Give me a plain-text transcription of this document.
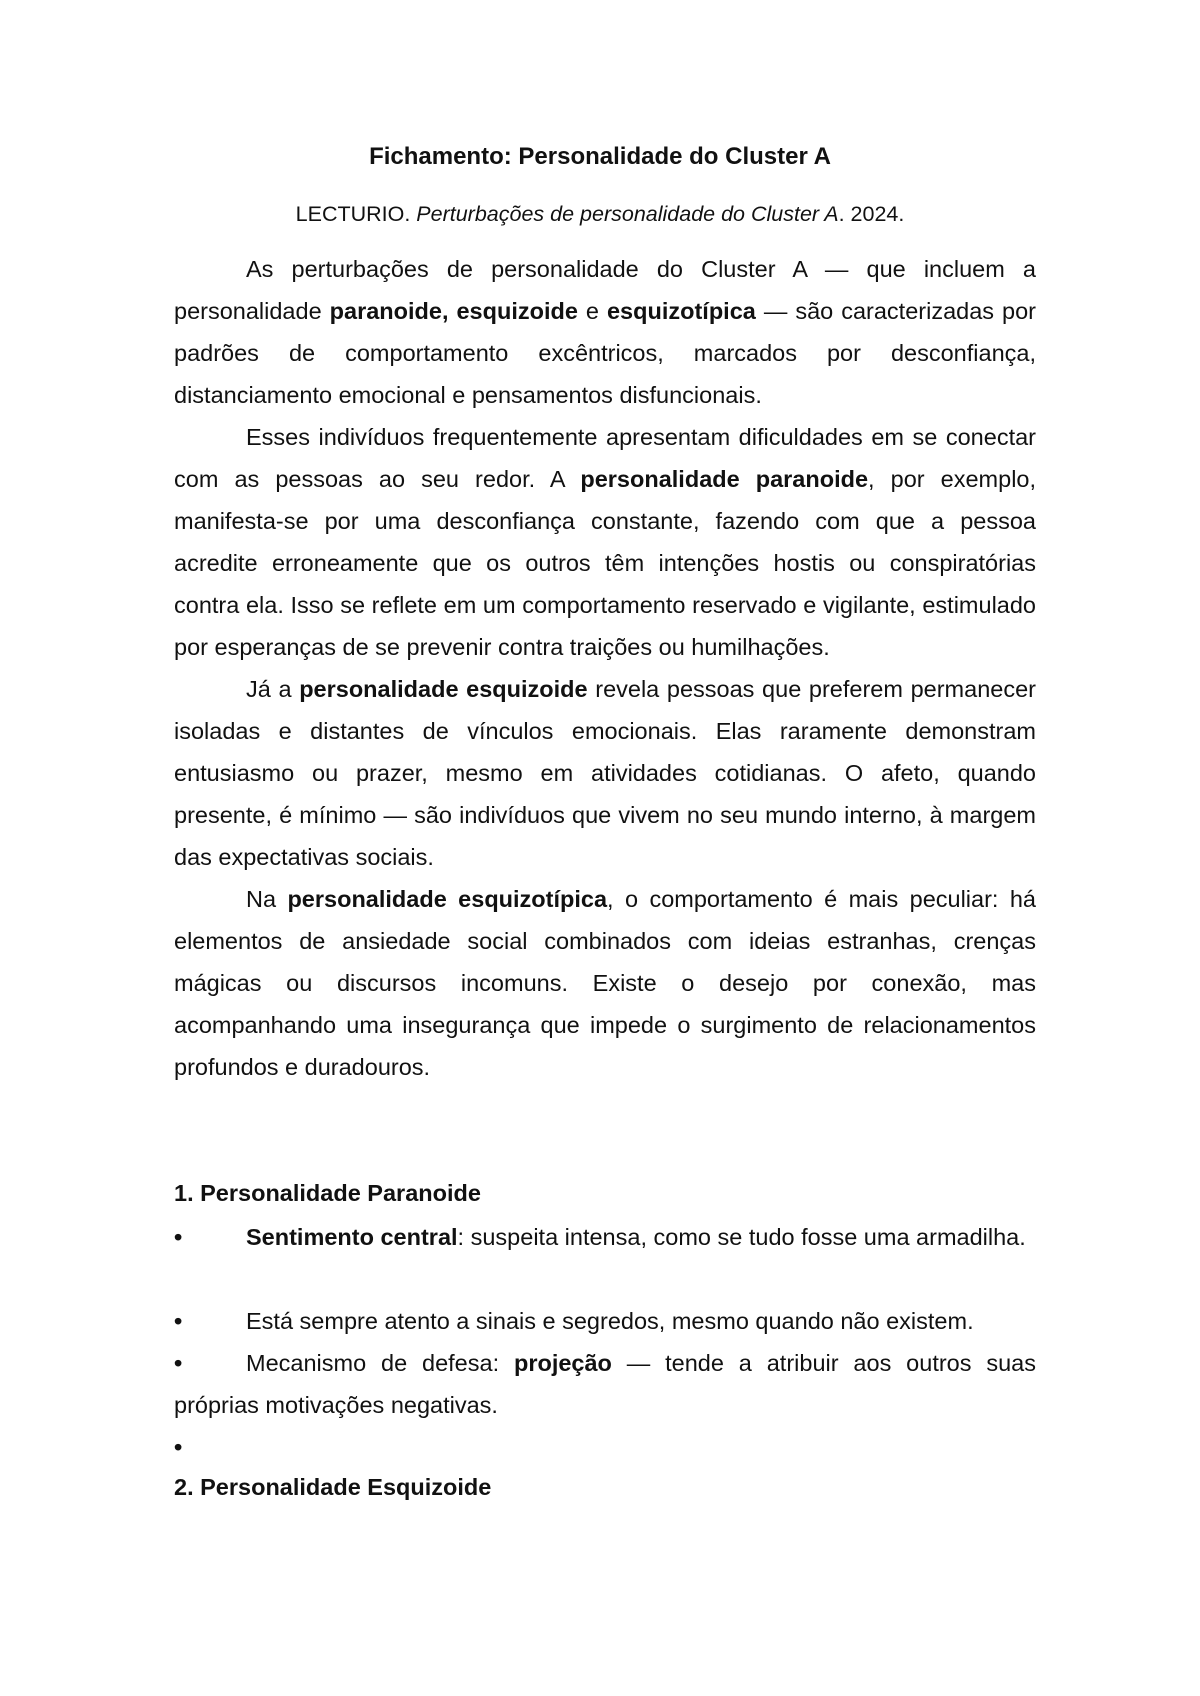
Fichamento: Personalidade do Cluster A
LECTURIO. Perturbações de personalidade do Cluster A. 2024.

As perturbações de personalidade do Cluster A — que incluem a personalidade paranoide, esquizoide e esquizotípica — são caracterizadas por padrões de comportamento excêntricos, marcados por desconfiança, distanciamento emocional e pensamentos disfuncionais.

Esses indivíduos frequentemente apresentam dificuldades em se conectar com as pessoas ao seu redor. A personalidade paranoide, por exemplo, manifesta-se por uma desconfiança constante, fazendo com que a pessoa acredite erroneamente que os outros têm intenções hostis ou conspiratórias contra ela. Isso se reflete em um comportamento reservado e vigilante, estimulado por esperanças de se prevenir contra traições ou humilhações.

Já a personalidade esquizoide revela pessoas que preferem permanecer isoladas e distantes de vínculos emocionais. Elas raramente demonstram entusiasmo ou prazer, mesmo em atividades cotidianas. O afeto, quando presente, é mínimo — são indivíduos que vivem no seu mundo interno, à margem das expectativas sociais.

Na personalidade esquizotípica, o comportamento é mais peculiar: há elementos de ansiedade social combinados com ideias estranhas, crenças mágicas ou discursos incomuns. Existe o desejo por conexão, mas acompanhando uma insegurança que impede o surgimento de relacionamentos profundos e duradouros.

1. Personalidade Paranoide

•	Sentimento central: suspeita intensa, como se tudo fosse uma armadilha.

•	Está sempre atento a sinais e segredos, mesmo quando não existem.

•	Mecanismo de defesa: projeção — tende a atribuir aos outros suas próprias motivações negativas.

•

2. Personalidade Esquizoide
